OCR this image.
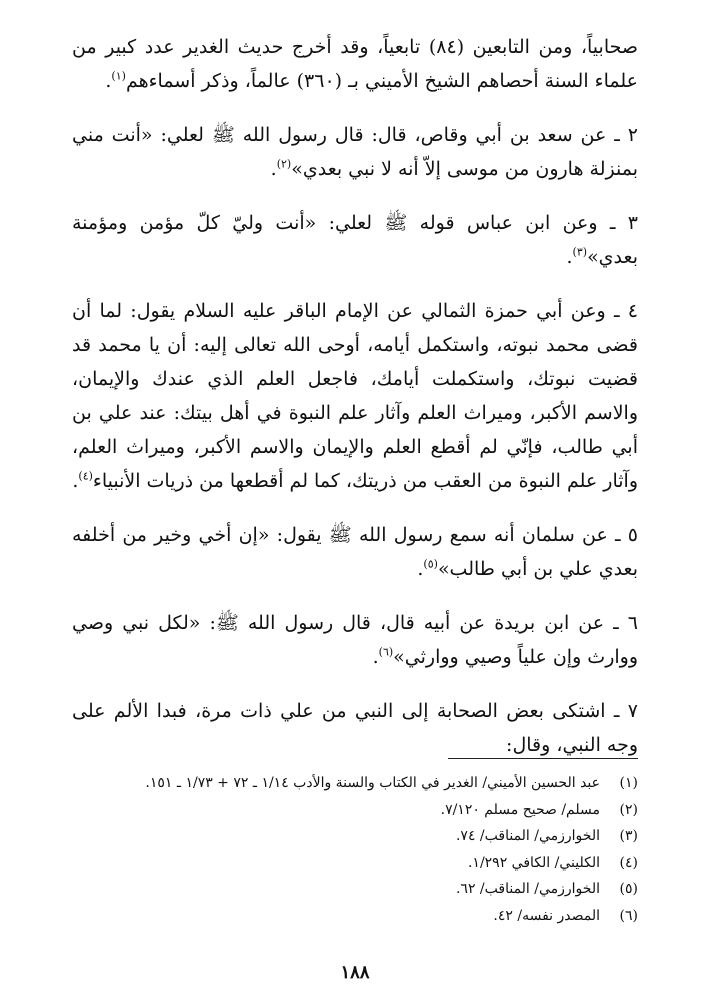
صحابياً، ومن التابعين (٨٤) تابعياً، وقد أخرج حديث الغدير عدد كبير من علماء السنة أحصاهم الشيخ الأميني بـ (٣٦٠) عالماً، وذكر أسماءهم$^{(١)}$.

٢ ـ عن سعد بن أبي وقاص، قال: قال رسول الله ﷺ لعلي: «أنت مني بمنزلة هارون من موسى إلاّ أنه لا نبي بعدي»$^{(٢)}$.

٣ ـ وعن ابن عباس قوله ﷺ لعلي: «أنت وليّ كلّ مؤمن ومؤمنة بعدي»$^{(٣)}$.

٤ ـ وعن أبي حمزة الثمالي عن الإمام الباقر عليه السلام يقول: لما أن قضى محمد نبوته، واستكمل أيامه، أوحى الله تعالى إليه: أن يا محمد قد قضيت نبوتك، واستكملت أيامك، فاجعل العلم الذي عندك والإيمان، والاسم الأكبر، وميراث العلم وآثار علم النبوة في أهل بيتك: عند علي بن أبي طالب، فإنّي لم أقطع العلم والإيمان والاسم الأكبر، وميراث العلم، وآثار علم النبوة من العقب من ذريتك، كما لم أقطعها من ذريات الأنبياء$^{(٤)}$.

٥ ـ عن سلمان أنه سمع رسول الله ﷺ يقول: «إن أخي وخير من أخلفه بعدي علي بن أبي طالب»$^{(٥)}$.

٦ ـ عن ابن بريدة عن أبيه قال، قال رسول الله ﷺ: «لكل نبي وصي ووارث وإن علياً وصيي ووارثي»$^{(٦)}$.

٧ ـ اشتكى بعض الصحابة إلى النبي من علي ذات مرة، فبدا الألم على وجه النبي، وقال:

(١)
عبد الحسين الأميني/ الغدير في الكتاب والسنة والأدب ١/١٤ ـ ٧٢ + ١/٧٣ ـ ١٥١.
(٢)
مسلم/ صحيح مسلم ٧/١٢٠.
(٣)
الخوارزمي/ المناقب/ ٧٤.
(٤)
الكليني/ الكافي ١/٢٩٢.
(٥)
الخوارزمي/ المناقب/ ٦٢.
(٦)
المصدر نفسه/ ٤٢.
١٨٨
